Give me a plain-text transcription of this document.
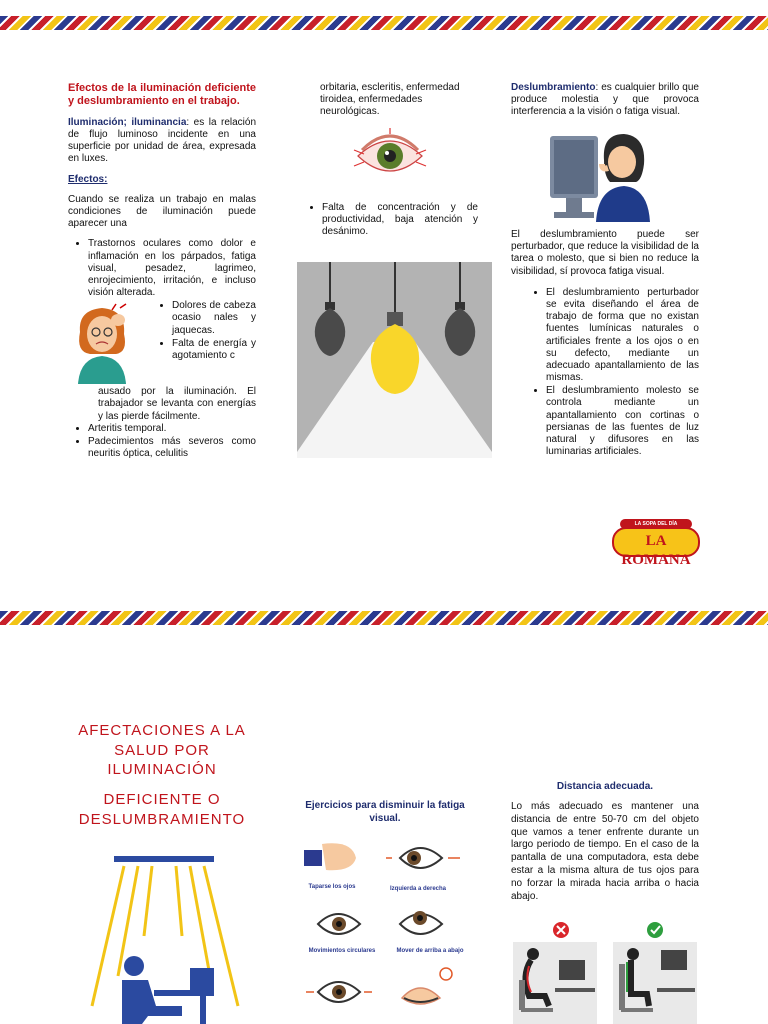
Efectos de la iluminación deficiente y deslumbramiento en el trabajo.

Iluminación; iluminancia: es la relación de flujo luminoso incidente en una superficie por unidad de área, expresada en luxes.

Efectos:

Cuando se realiza un trabajo en malas condiciones de iluminación puede aparecer una

• Trastornos oculares como dolor e inflamación en los párpados, fatiga visual, pesadez, lagrimeo, enrojecimiento, irritación, e incluso visión alterada.
• Dolores de cabeza ocasio nales y jaquecas.
• Falta de energía y agotamiento c

ausado por la iluminación. El trabajador se levanta con energías y las pierde fácilmente.

• Arteritis temporal.
• Padecimientos más severos como neuritis óptica, celulitis

orbitaria, escleritis, enfermedad tiroidea, enfermedades neurológicas.

• Falta de concentración y de productividad, baja atención y desánimo.

Deslumbramiento: es cualquier brillo que produce molestia y que provoca interferencia a la visión o fatiga visual.

El deslumbramiento puede ser perturbador, que reduce la visibilidad de la tarea o molesto, que si bien no reduce la visibilidad, sí provoca fatiga visual.

• El deslumbramiento perturbador se evita diseñando el área de trabajo de forma que no existan fuentes lumínicas naturales o artificiales frente a los ojos o en su defecto, mediante un adecuado apantallamiento de las mismas.
• El deslumbramiento molesto se controla mediante un apantallamiento con cortinas o persianas de las fuentes de luz natural y difusores en las luminarias artificiales.
LA SOPA DEL DÍA
LA ROMANA
AFECTACIONES A LA SALUD POR ILUMINACIÓN
DEFICIENTE O DESLUMBRAMIENTO
Ejercicios para disminuir la fatiga visual.
Taparse los ojos	Izquierda a derecha
Movimientos circulares	Mover de arriba a abajo
Distancia adecuada.
Lo más adecuado es mantener una distancia de entre 50-70 cm del objeto que vamos a tener enfrente durante un largo periodo de tiempo. En el caso de la pantalla de una computadora, esta debe estar a la misma altura de tus ojos para no forzar la mirada hacia arriba o hacia abajo.
